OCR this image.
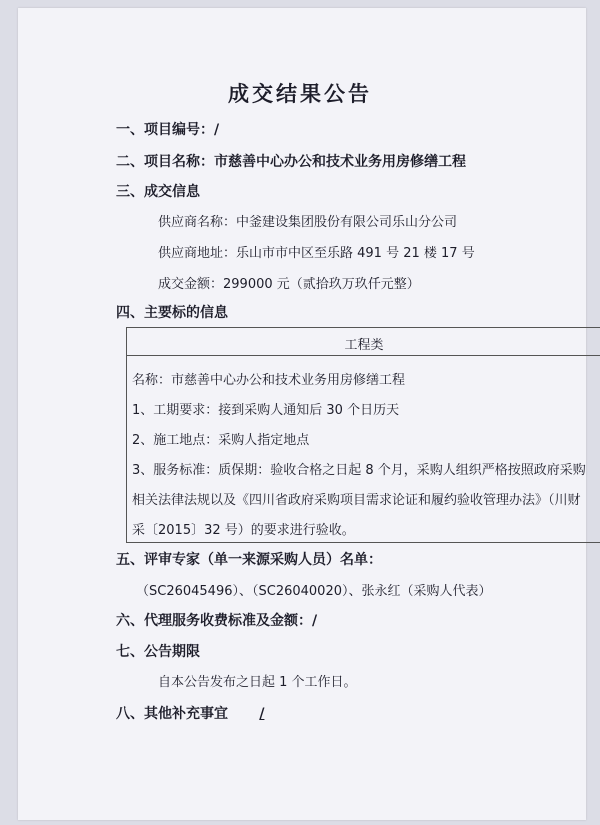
成交结果公告
一、项目编号：/
二、项目名称：市慈善中心办公和技术业务用房修缮工程
三、成交信息
供应商名称：中釜建设集团股份有限公司乐山分公司
供应商地址：乐山市市中区至乐路 491 号 21 楼 17 号
成交金额：299000 元（贰拾玖万玖仟元整）
四、主要标的信息
工程类
名称：市慈善中心办公和技术业务用房修缮工程
1、工期要求：接到采购人通知后 30 个日历天
2、施工地点：采购人指定地点
3、服务标准：质保期：验收合格之日起 8 个月，采购人组织严格按照政府采购
相关法律法规以及《四川省政府采购项目需求论证和履约验收管理办法》（川财
采〔2015〕32 号）的要求进行验收。
五、评审专家（单一来源采购人员）名单：
（SC26045496）、（SC26040020）、张永红（采购人代表）
六、代理服务收费标准及金额：/
七、公告期限
自本公告发布之日起 1 个工作日。
八、其他补充事宜 /
